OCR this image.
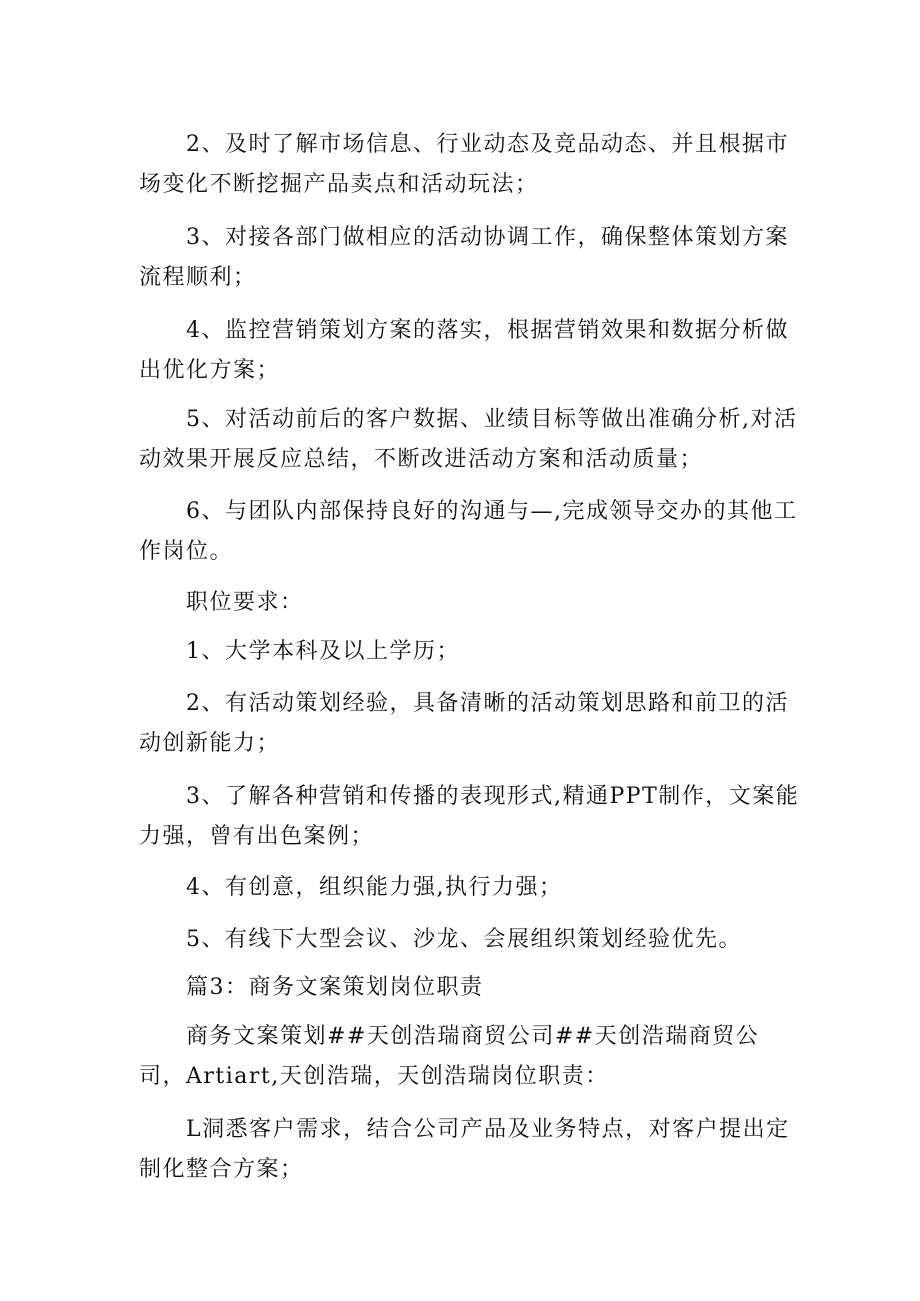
2、及时了解市场信息、行业动态及竞品动态、并且根据市
场变化不断挖掘产品卖点和活动玩法；

3、对接各部门做相应的活动协调工作，确保整体策划方案
流程顺利；

4、监控营销策划方案的落实，根据营销效果和数据分析做
出优化方案；

5、对活动前后的客户数据、业绩目标等做出准确分析,对活
动效果开展反应总结，不断改进活动方案和活动质量；

6、与团队内部保持良好的沟通与—,完成领导交办的其他工
作岗位。

职位要求：

1、大学本科及以上学历；

2、有活动策划经验，具备清晰的活动策划思路和前卫的活
动创新能力；

3、了解各种营销和传播的表现形式,精通PPT制作，文案能
力强，曾有出色案例；

4、有创意，组织能力强,执行力强；

5、有线下大型会议、沙龙、会展组织策划经验优先。

篇3：商务文案策划岗位职责

商务文案策划##天创浩瑞商贸公司##天创浩瑞商贸公
司，Artiart,天创浩瑞，天创浩瑞岗位职责：

L洞悉客户需求，结合公司产品及业务特点，对客户提出定
制化整合方案；
